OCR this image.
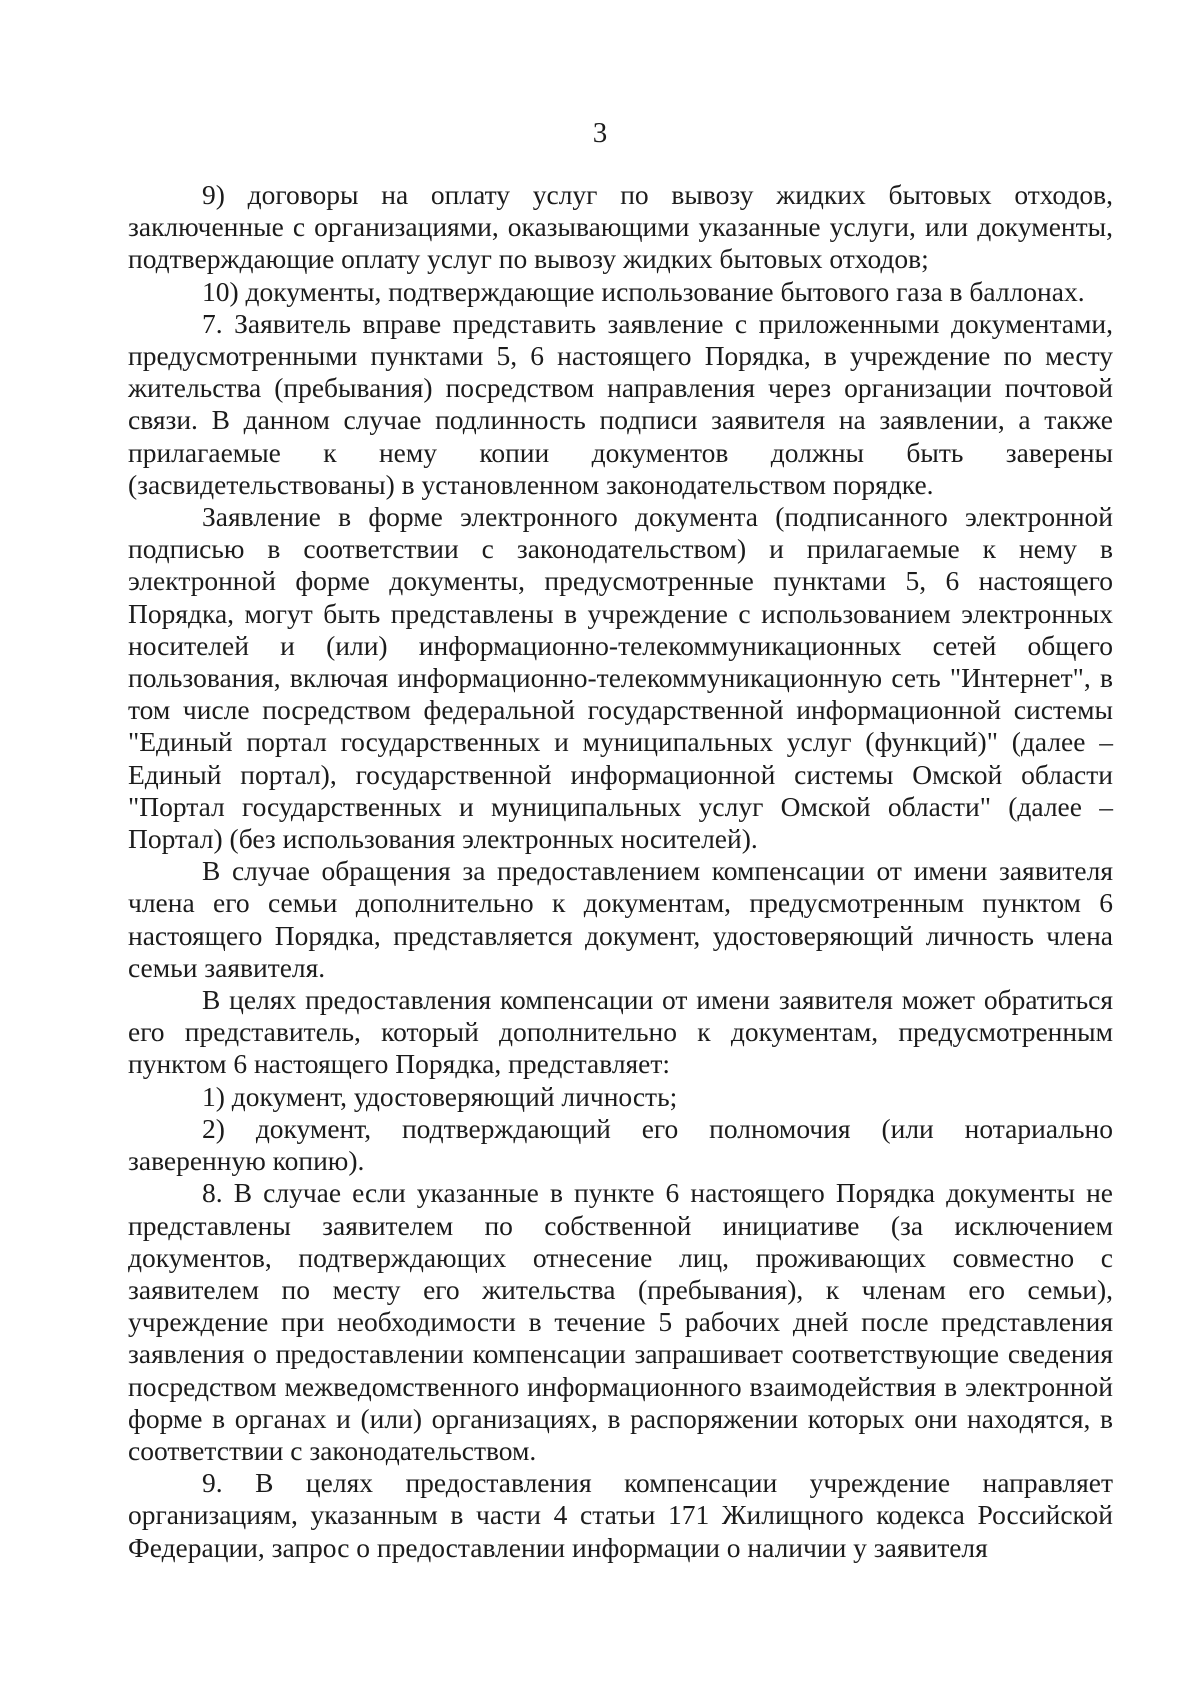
3

9) договоры на оплату услуг по вывозу жидких бытовых отходов, заключенные с организациями, оказывающими указанные услуги, или документы, подтверждающие оплату услуг по вывозу жидких бытовых отходов;

10) документы, подтверждающие использование бытового газа в баллонах.

7. Заявитель вправе представить заявление с приложенными документами, предусмотренными пунктами 5, 6 настоящего Порядка, в учреждение по месту жительства (пребывания) посредством направления через организации почтовой связи. В данном случае подлинность подписи заявителя на заявлении, а также прилагаемые к нему копии документов должны быть заверены (засвидетельствованы) в установленном законодательством порядке.

Заявление в форме электронного документа (подписанного электронной подписью в соответствии с законодательством) и прилагаемые к нему в электронной форме документы, предусмотренные пунктами 5, 6 настоящего Порядка, могут быть представлены в учреждение с использованием электронных носителей и (или) информационно-телекоммуникационных сетей общего пользования, включая информационно-телекоммуникационную сеть "Интернет", в том числе посредством федеральной государственной информационной системы "Единый портал государственных и муниципальных услуг (функций)" (далее – Единый портал), государственной информационной системы Омской области "Портал государственных и муниципальных услуг Омской области" (далее – Портал) (без использования электронных носителей).

В случае обращения за предоставлением компенсации от имени заявителя члена его семьи дополнительно к документам, предусмотренным пунктом 6 настоящего Порядка, представляется документ, удостоверяющий личность члена семьи заявителя.

В целях предоставления компенсации от имени заявителя может обратиться его представитель, который дополнительно к документам, предусмотренным пунктом 6 настоящего Порядка, представляет:

1) документ, удостоверяющий личность;

2) документ, подтверждающий его полномочия (или нотариально заверенную копию).

8. В случае если указанные в пункте 6 настоящего Порядка документы не представлены заявителем по собственной инициативе (за исключением документов, подтверждающих отнесение лиц, проживающих совместно с заявителем по месту его жительства (пребывания), к членам его семьи), учреждение при необходимости в течение 5 рабочих дней после представления заявления о предоставлении компенсации запрашивает соответствующие сведения посредством межведомственного информационного взаимодействия в электронной форме в органах и (или) организациях, в распоряжении которых они находятся, в соответствии с законодательством.

9. В целях предоставления компенсации учреждение направляет организациям, указанным в части 4 статьи 171 Жилищного кодекса Российской Федерации, запрос о предоставлении информации о наличии у заявителя
